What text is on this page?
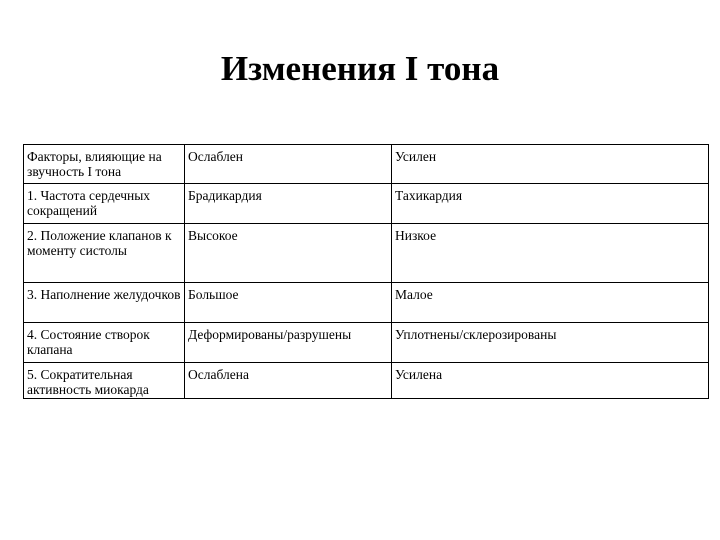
Изменения I тона
Факторы, влияющие на звучность I тона	Ослаблен	Усилен
1. Частота сердечных сокращений	Брадикардия	Тахикардия
2. Положение клапанов к моменту систолы	Высокое	Низкое
3. Наполнение желудочков	Большое	Малое
4. Состояние створок клапана	Деформированы/разрушены	Уплотнены/склерозированы
5. Сократительная активность миокарда	Ослаблена	Усилена
